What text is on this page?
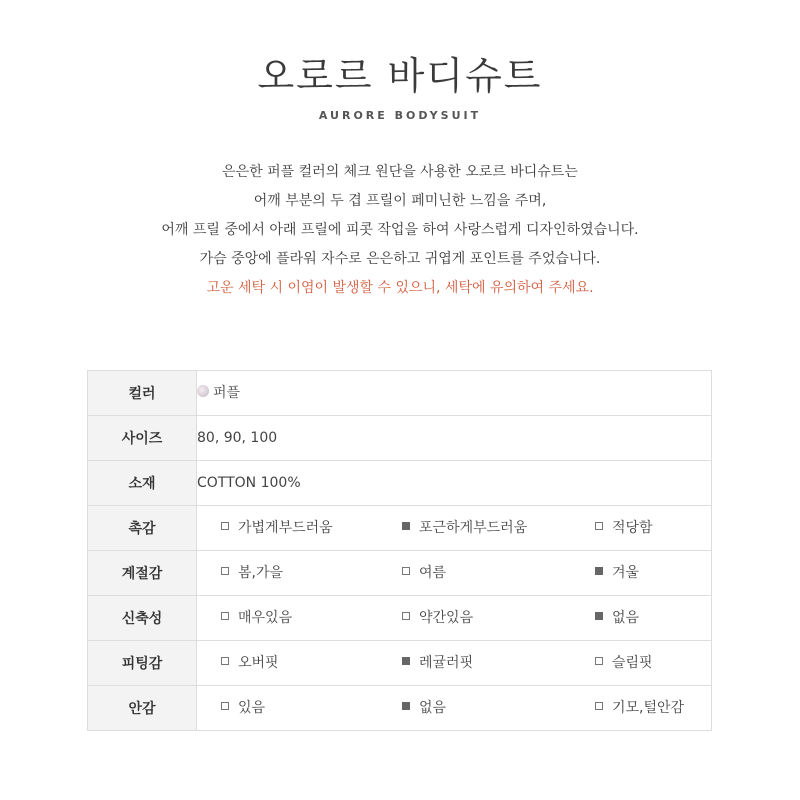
오로르 바디슈트
AURORE BODYSUIT
은은한 퍼플 컬러의 체크 원단을 사용한 오로르 바디슈트는
어깨 부분의 두 겹 프릴이 페미닌한 느낌을 주며,
어깨 프릴 중에서 아래 프릴에 피콧 작업을 하여 사랑스럽게 디자인하였습니다.
가슴 중앙에 플라워 자수로 은은하고 귀엽게 포인트를 주었습니다.
고운 세탁 시 이염이 발생할 수 있으니, 세탁에 유의하여 주세요.
컬러	퍼플
사이즈	80, 90, 100
소재	COTTON 100%
촉감	가볍게부드러움 포근하게부드러움 적당함

계절감	봄,가을 여름 겨울

신축성	매우있음 약간있음 없음

피팅감	오버핏 레귤러핏 슬림핏

안감	있음 없음 기모,털안감
